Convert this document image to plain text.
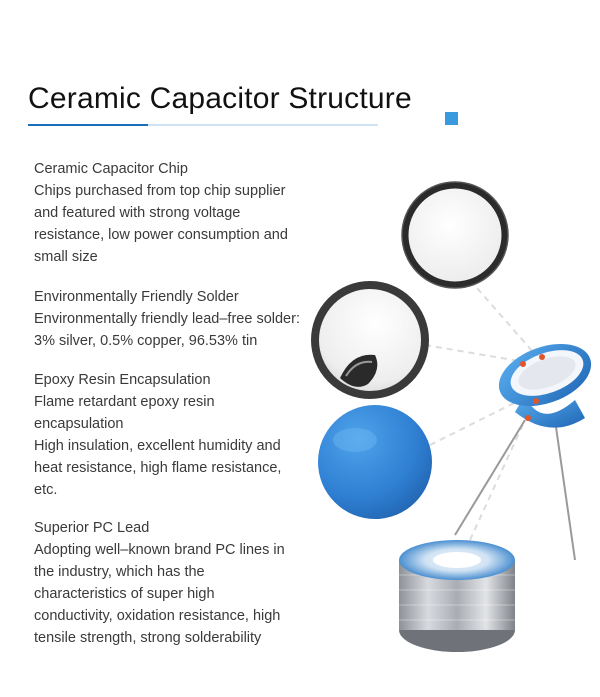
Ceramic Capacitor Structure
Ceramic Capacitor Chip
Chips purchased from top chip supplier
and featured with strong voltage
resistance, low power consumption and
small size
Environmentally Friendly Solder
Environmentally friendly lead–free solder:
3% silver, 0.5% copper, 96.53% tin
Epoxy Resin Encapsulation
Flame retardant epoxy resin
encapsulation
High insulation, excellent humidity and
heat resistance, high flame resistance,
etc.
Superior PC Lead
Adopting well–known brand PC lines in
the industry, which has the
characteristics of super high
conductivity, oxidation resistance, high
tensile strength, strong solderability
